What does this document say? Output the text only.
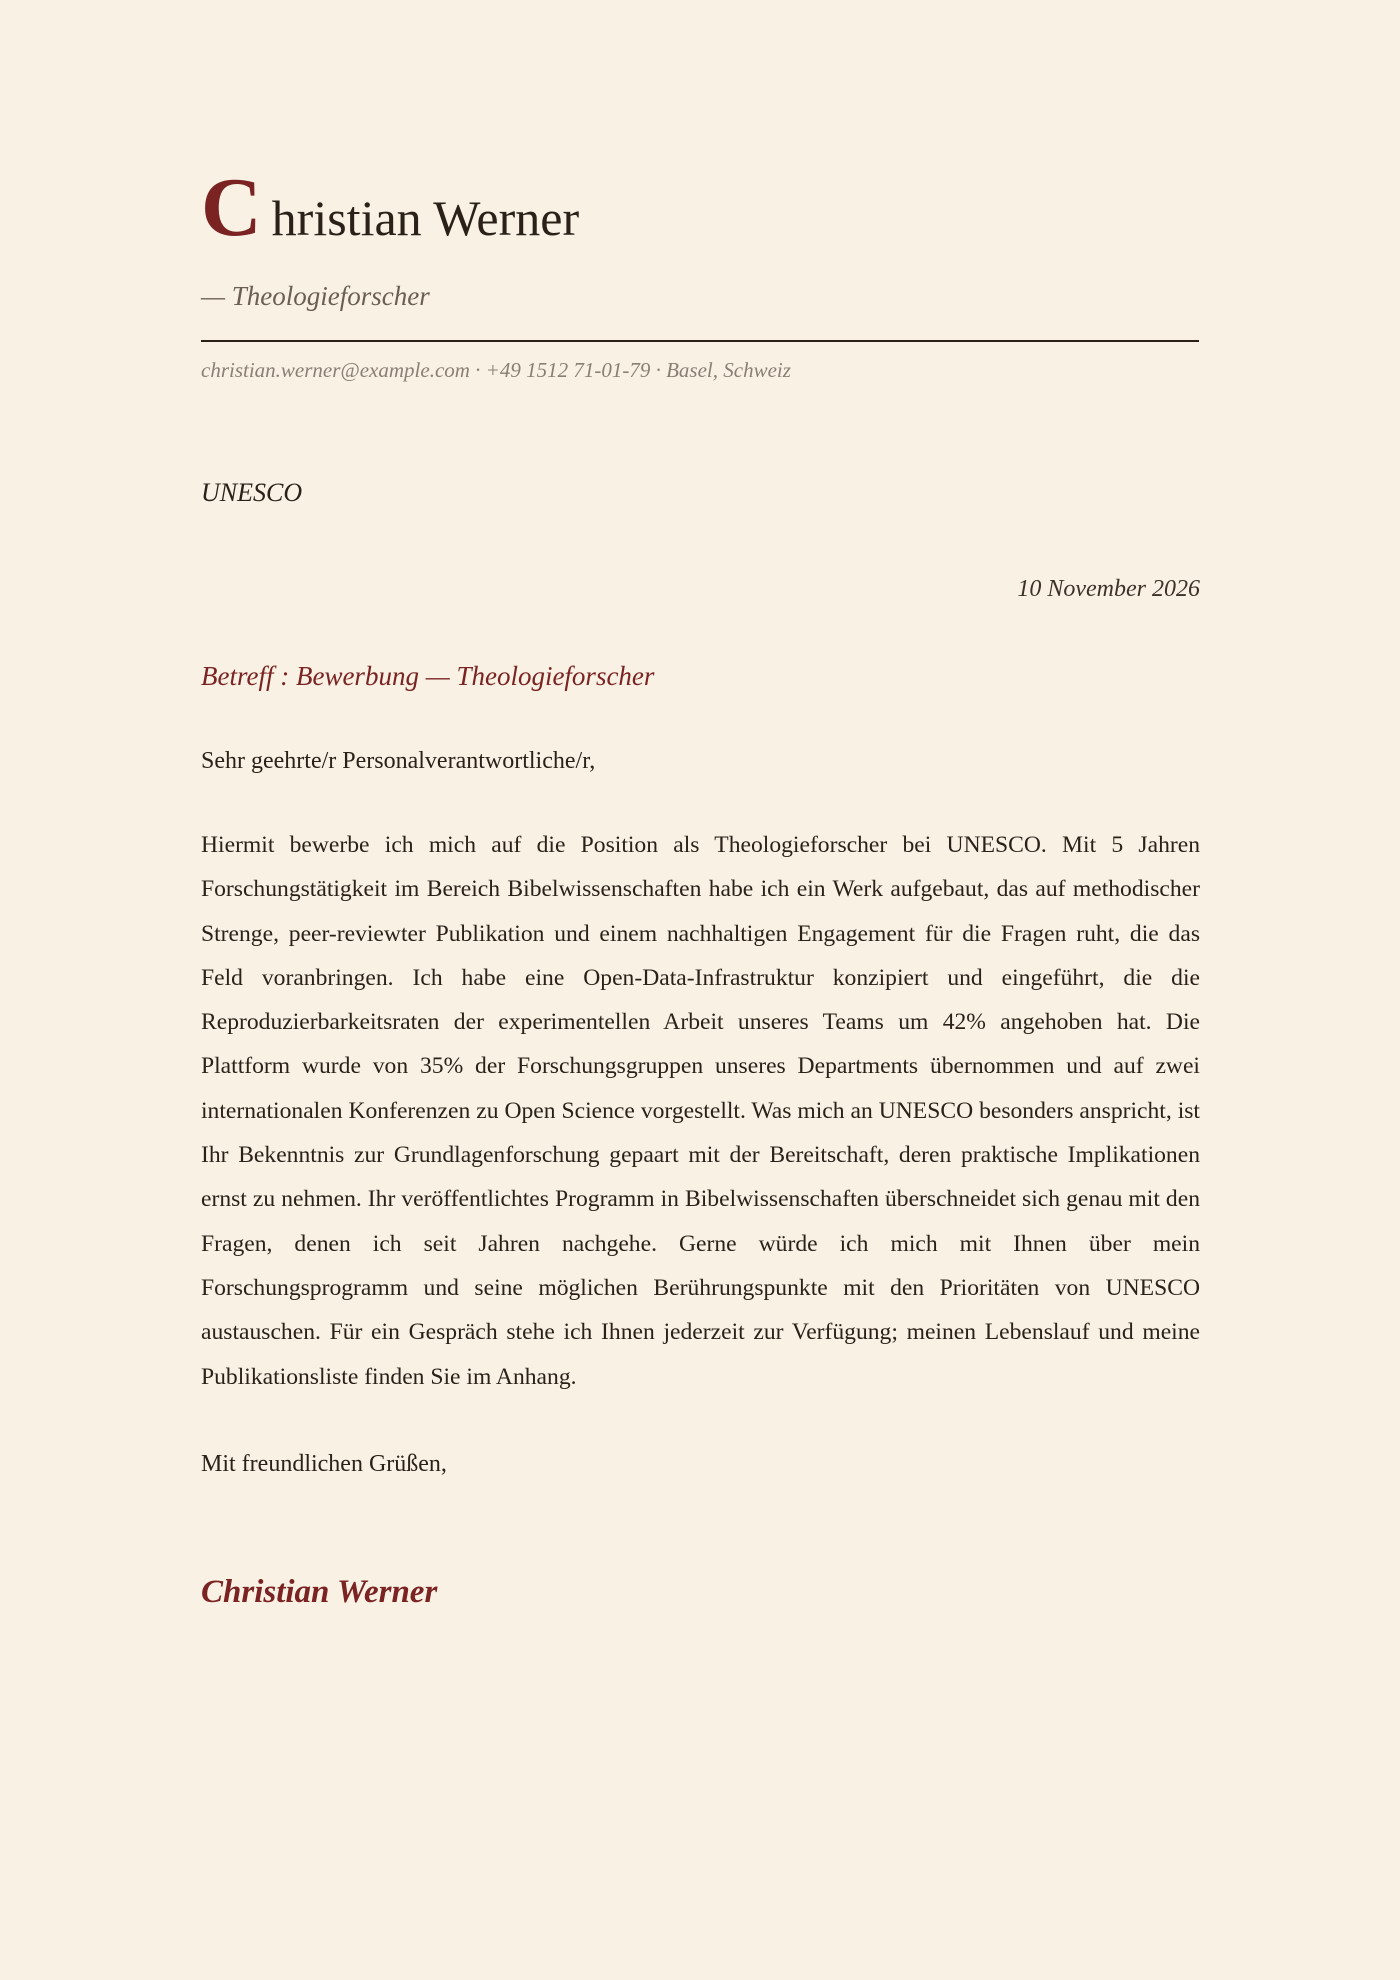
Christian Werner
— Theologieforscher
christian.werner@example.com · +49 1512 71-01-79 · Basel, Schweiz
UNESCO
10 November 2026
Betreff : Bewerbung — Theologieforscher
Sehr geehrte/r Personalverantwortliche/r,

Hiermit bewerbe ich mich auf die Position als Theologieforscher bei UNESCO. Mit 5 Jahren Forschungstätigkeit im Bereich Bibelwissenschaften habe ich ein Werk aufgebaut, das auf methodischer Strenge, peer-reviewter Publikation und einem nachhaltigen Engagement für die Fragen ruht, die das Feld voranbringen. Ich habe eine Open-Data-Infrastruktur konzipiert und eingeführt, die die Reproduzierbarkeitsraten der experimentellen Arbeit unseres Teams um 42% angehoben hat. Die Plattform wurde von 35% der Forschungsgruppen unseres Departments übernommen und auf zwei internationalen Konferenzen zu Open Science vorgestellt. Was mich an UNESCO besonders anspricht, ist Ihr Bekenntnis zur Grundlagenforschung gepaart mit der Bereitschaft, deren praktische Implikationen ernst zu nehmen. Ihr veröffentlichtes Programm in Bibelwissenschaften überschneidet sich genau mit den Fragen, denen ich seit Jahren nachgehe. Gerne würde ich mich mit Ihnen über mein Forschungsprogramm und seine möglichen Berührungspunkte mit den Prioritäten von UNESCO austauschen. Für ein Gespräch stehe ich Ihnen jederzeit zur Verfügung; meinen Lebenslauf und meine Publikationsliste finden Sie im Anhang.

Mit freundlichen Grüßen,
Christian Werner
